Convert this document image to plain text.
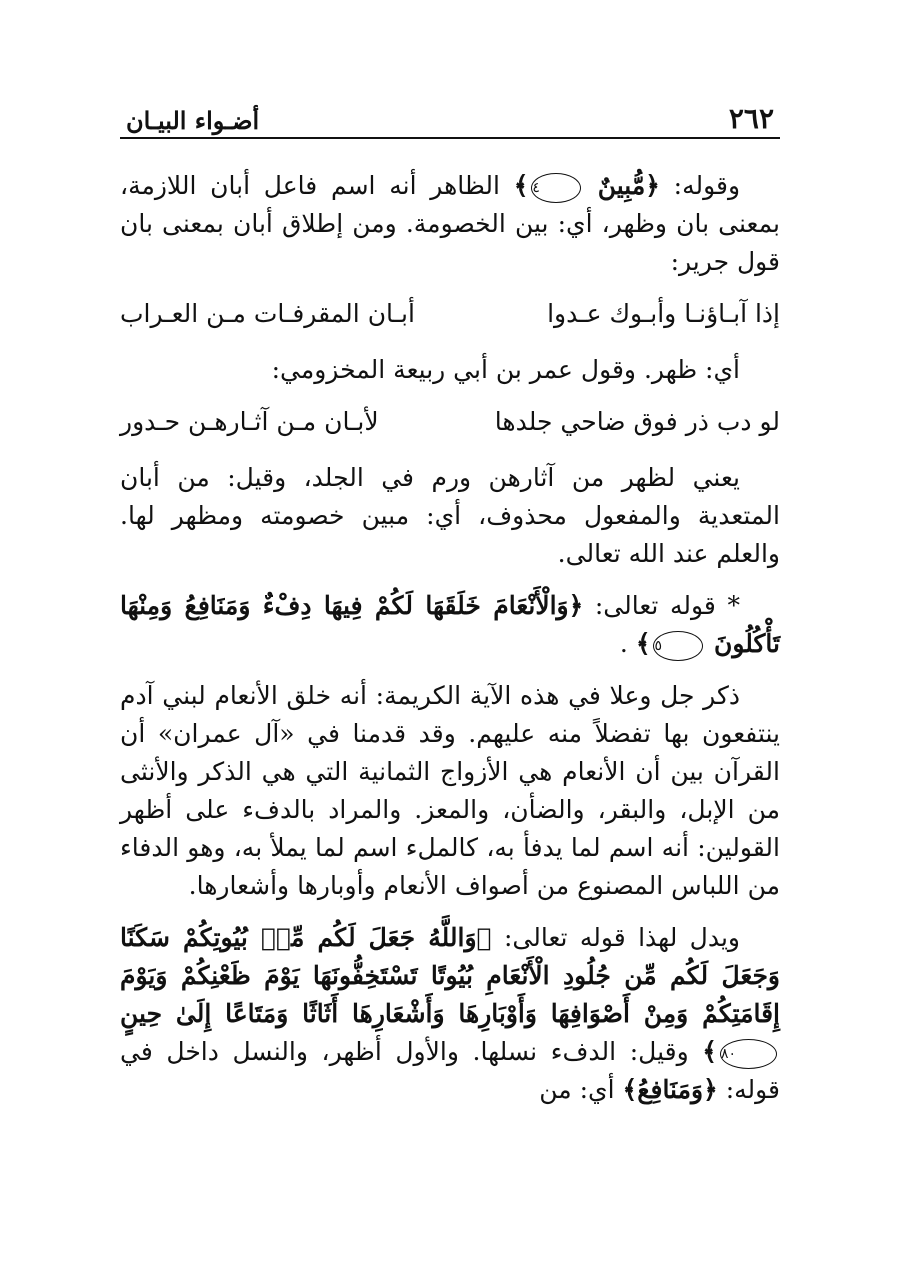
٢٦٢
أضـواء البيـان

وقوله: ﴿مُّبِينٌ ٤﴾ الظاهر أنه اسم فاعل أبان اللازمة، بمعنى بان وظهر، أي: بين الخصومة. ومن إطلاق أبان بمعنى بان قول جرير:

إذا آبـاؤنـا وأبـوك عـدوا
أبـان المقرفـات مـن العـراب

أي: ظهر. وقول عمر بن أبي ربيعة المخزومي:

لو دب ذر فوق ضاحي جلدها
لأبـان مـن آثـارهـن حـدور

يعني لظهر من آثارهن ورم في الجلد، وقيل: من أبان المتعدية والمفعول محذوف، أي: مبين خصومته ومظهر لها. والعلم عند الله تعالى.

* قوله تعالى: ﴿وَالْأَنْعَامَ خَلَقَهَا لَكُمْ فِيهَا دِفْءٌ وَمَنَافِعُ وَمِنْهَا تَأْكُلُونَ ٥﴾ .

ذكر جل وعلا في هذه الآية الكريمة: أنه خلق الأنعام لبني آدم ينتفعون بها تفضلاً منه عليهم. وقد قدمنا في «آل عمران» أن القرآن بين أن الأنعام هي الأزواج الثمانية التي هي الذكر والأنثى من الإبل، والبقر، والضأن، والمعز. والمراد بالدفء على أظهر القولين: أنه اسم لما يدفأ به، كالملء اسم لما يملأ به، وهو الدفاء من اللباس المصنوع من أصواف الأنعام وأوبارها وأشعارها.

ويدل لهذا قوله تعالى: ﴿وَاللَّهُ جَعَلَ لَكُم مِّنۢ بُيُوتِكُمْ سَكَنًا وَجَعَلَ لَكُم مِّن جُلُودِ الْأَنْعَامِ بُيُوتًا تَسْتَخِفُّونَهَا يَوْمَ ظَعْنِكُمْ وَيَوْمَ إِقَامَتِكُمْ وَمِنْ أَصْوَافِهَا وَأَوْبَارِهَا وَأَشْعَارِهَا أَثَاثًا وَمَتَاعًا إِلَىٰ حِينٍ ٨٠﴾ وقيل: الدفء نسلها. والأول أظهر، والنسل داخل في قوله: ﴿وَمَنَافِعُ﴾ أي: من
